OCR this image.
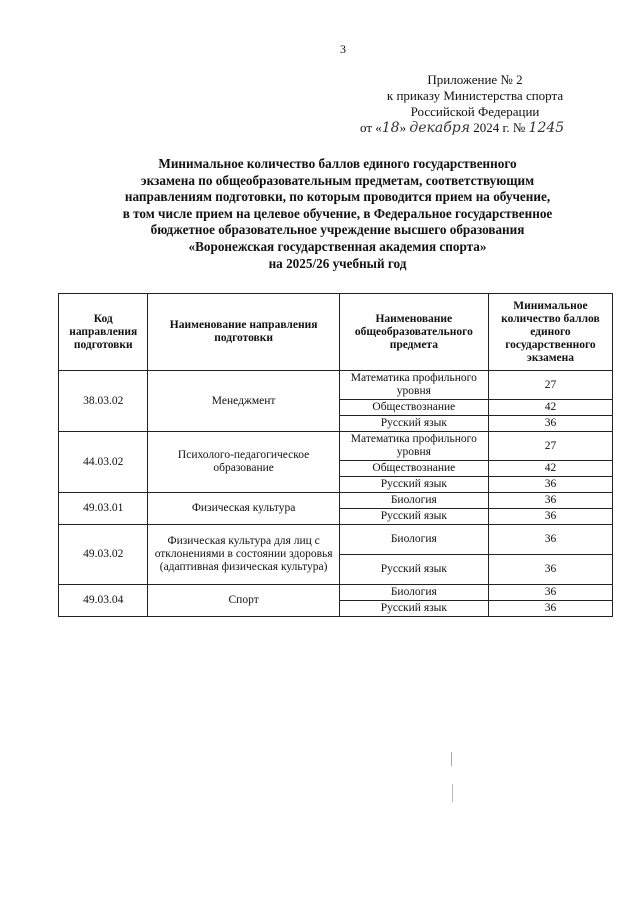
3
Приложение № 2
к приказу Министерства спорта
Российской Федерации
от «18» декабря 2024 г. № 1245
Минимальное количество баллов единого государственного
экзамена по общеобразовательным предметам, соответствующим
направлениям подготовки, по которым проводится прием на обучение,
в том числе прием на целевое обучение, в Федеральное государственное
бюджетное образовательное учреждение высшего образования
«Воронежская государственная академия спорта»
на 2025/26 учебный год
Код направления подготовки	Наименование направления подготовки	Наименование общеобразовательного предмета	Минимальное количество баллов единого государственного экзамена
38.03.02	Менеджмент	Математика профильного уровня	27
		Обществознание	42
		Русский язык	36
44.03.02	Психолого-педагогическое образование	Математика профильного уровня	27
		Обществознание	42
		Русский язык	36
49.03.01	Физическая культура	Биология	36
		Русский язык	36
49.03.02	Физическая культура для лиц с отклонениями в состоянии здоровья (адаптивная физическая культура)	Биология	36
		Русский язык	36
49.03.04	Спорт	Биология	36
		Русский язык	36
